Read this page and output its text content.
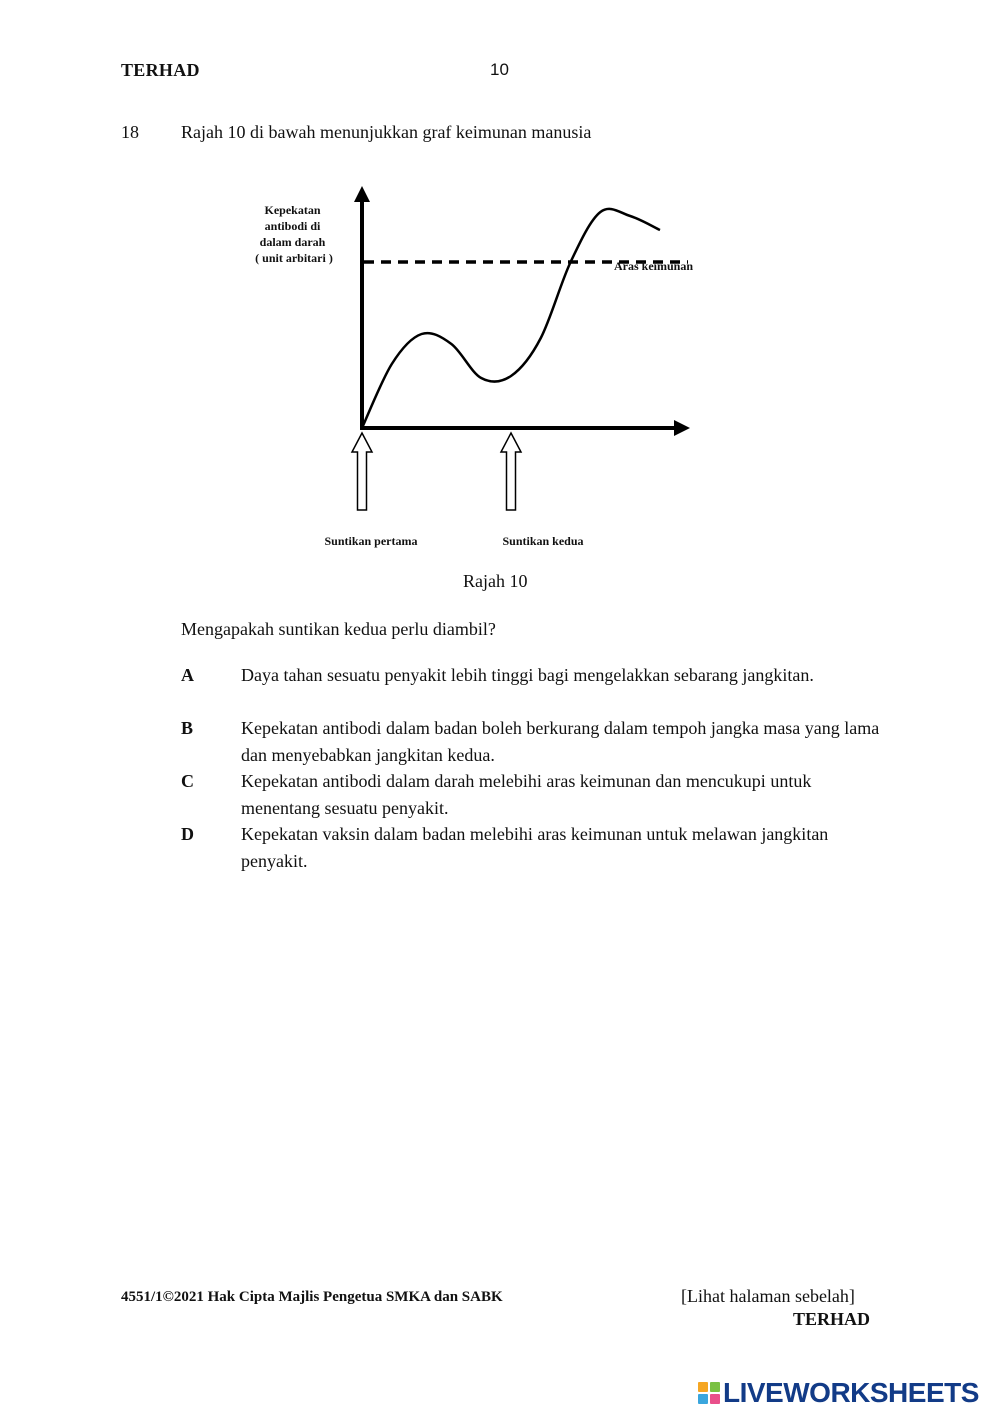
TERHAD	10
18 Rajah 10 di bawah menunjukkan graf keimunan manusia
Kepekatan antibodi di dalam darah ( unit arbitari )
Aras keimunan
Suntikan pertama	Suntikan kedua
Rajah 10
Mengapakah suntikan kedua perlu diambil?
A	Daya tahan sesuatu penyakit lebih tinggi bagi mengelakkan sebarang jangkitan.
B	Kepekatan antibodi dalam badan boleh berkurang dalam tempoh jangka masa yang lama dan menyebabkan jangkitan kedua.
C	Kepekatan antibodi dalam darah melebihi aras keimunan dan mencukupi untuk menentang sesuatu penyakit.
D	Kepekatan vaksin dalam badan melebihi aras keimunan untuk melawan jangkitan penyakit.
4551/1©2021 Hak Cipta Majlis Pengetua SMKA dan SABK	[Lihat halaman sebelah]
TERHAD
LIVEWORKSHEETS
